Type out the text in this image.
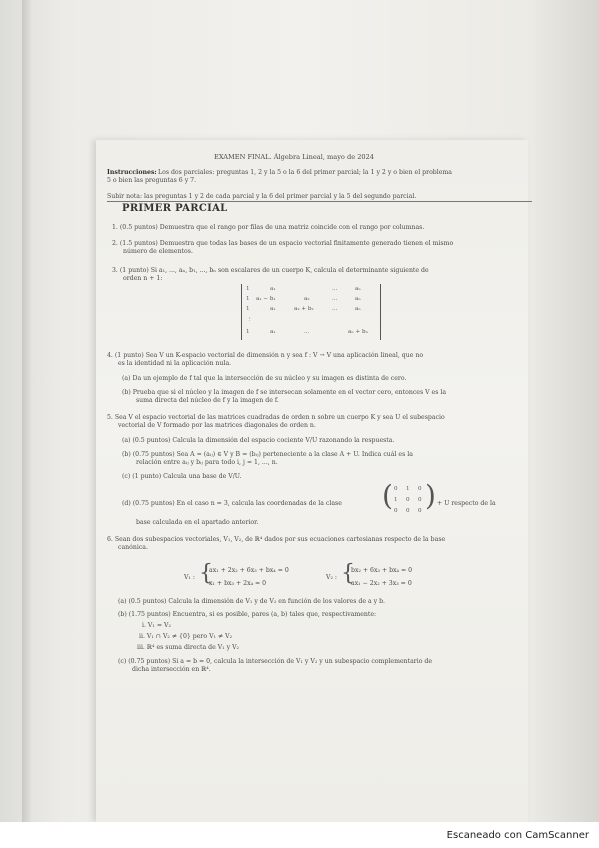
EXAMEN FINAL. Álgebra Lineal, mayo de 2024
Instrucciones: Los dos parciales: preguntas 1, 2 y la 5 o la 6 del primer parcial; la 1 y 2 y o bien el problema
5 o bien las preguntas 6 y 7.
Subir nota: las preguntas 1 y 2 de cada parcial y la 6 del primer parcial y la 5 del segundo parcial.
PRIMER PARCIAL
1. (0.5 puntos) Demuestra que el rango por filas de una matriz coincide con el rango por columnas.
2. (1.5 puntos) Demuestra que todas las bases de un espacio vectorial finitamente generado tienen el mismo
número de elementos.
3. (1 punto) Si a₁, ..., aₙ, b₁, ..., bₙ son escalares de un cuerpo K, calcula el determinante siguiente de
orden n + 1:
1	a₁	...	aₙ
1 a₁ − b₁	a₂	...	aₙ
1	a₁	a₂ + b₂	...	aₙ
⋮
1	a₁	...	aₙ + bₙ
4. (1 punto) Sea V un K-espacio vectorial de dimensión n y sea f : V → V una aplicación lineal, que no
es la identidad ni la aplicación nula.
(a) Da un ejemplo de f tal que la intersección de su núcleo y su imagen es distinta de cero.
(b) Prueba que si el núcleo y la imagen de f se intersecan solamente en el vector cero, entonces V es la
suma directa del núcleo de f y la imagen de f.
5. Sea V el espacio vectorial de las matrices cuadradas de orden n sobre un cuerpo K y sea U el subespacio
vectorial de V formado por las matrices diagonales de orden n.
(a) (0.5 puntos) Calcula la dimensión del espacio cociente V/U razonando la respuesta.
(b) (0.75 puntos) Sea A = (aᵢⱼ) ∈ V y B = (bᵢⱼ) perteneciente a la clase A + U. Indica cuál es la
relación entre aᵢⱼ y bᵢⱼ para todo i, j = 1, ..., n.
(c) (1 punto) Calcula una base de V/U.
(d) (0.75 puntos) En el caso n = 3, calcula las coordenadas de la clase ( 0 1 0
1 0 0
0 0 0 ) + U respecto de la
base calculada en el apartado anterior.
6. Sean dos subespacios vectoriales, V₁, V₂, de ℝ⁴ dados por sus ecuaciones cartesianas respecto de la base
canónica.
V₁ : {
ax₁ + 2x₂ + 6x₃ + bx₄ = 0
x₁ + bx₃ + 2x₄ = 0
V₂ : {
bx₂ + 6x₃ + bx₄ = 0
ax₁ − 2x₂ + 3x₃ = 0
(a) (0.5 puntos) Calcula la dimensión de V₁ y de V₂ en función de los valores de a y b.
(b) (1.75 puntos) Encuentra, si es posible, pares (a, b) tales que, respectivamente:
i. V₁ = V₂
ii. V₁ ∩ V₂ ≠ {0} pero V₁ ≠ V₂
iii. ℝ⁴ es suma directa de V₁ y V₂
(c) (0.75 puntos) Si a = b = 0, calcula la intersección de V₁ y V₂ y un subespacio complementario de
dicha intersección en ℝ⁴.
Escaneado con CamScanner
